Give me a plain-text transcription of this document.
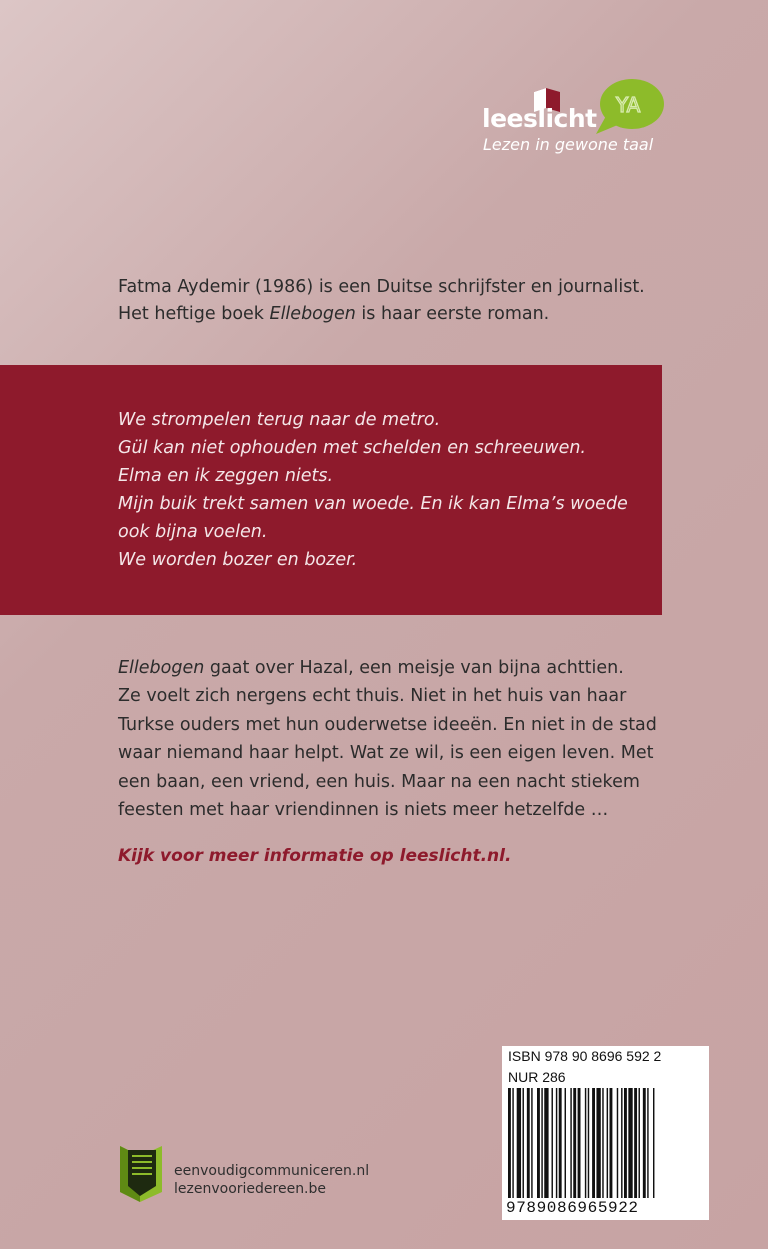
YA
leeslicht
Lezen in gewone taal

Fatma Aydemir (1986) is een Duitse schrijfster en journalist.

Het heftige boek Ellebogen is haar eerste roman.

We strompelen terug naar de metro.
Gül kan niet ophouden met schelden en schreeuwen.
Elma en ik zeggen niets.
Mijn buik trekt samen van woede. En ik kan Elma’s woede
ook bijna voelen.
We worden bozer en bozer.
Ellebogen gaat over Hazal, een meisje van bijna achttien.
Ze voelt zich nergens echt thuis. Niet in het huis van haar
Turkse ouders met hun ouderwetse ideeën. En niet in de stad
waar niemand haar helpt. Wat ze wil, is een eigen leven. Met
een baan, een vriend, een huis. Maar na een nacht stiekem
feesten met haar vriendinnen is niets meer hetzelfde …
Kijk voor meer informatie op leeslicht.nl.
eenvoudigcommuniceren.nl
lezenvooriedereen.be
ISBN 978 90 8696 592 2
NUR 286
9789086965922
